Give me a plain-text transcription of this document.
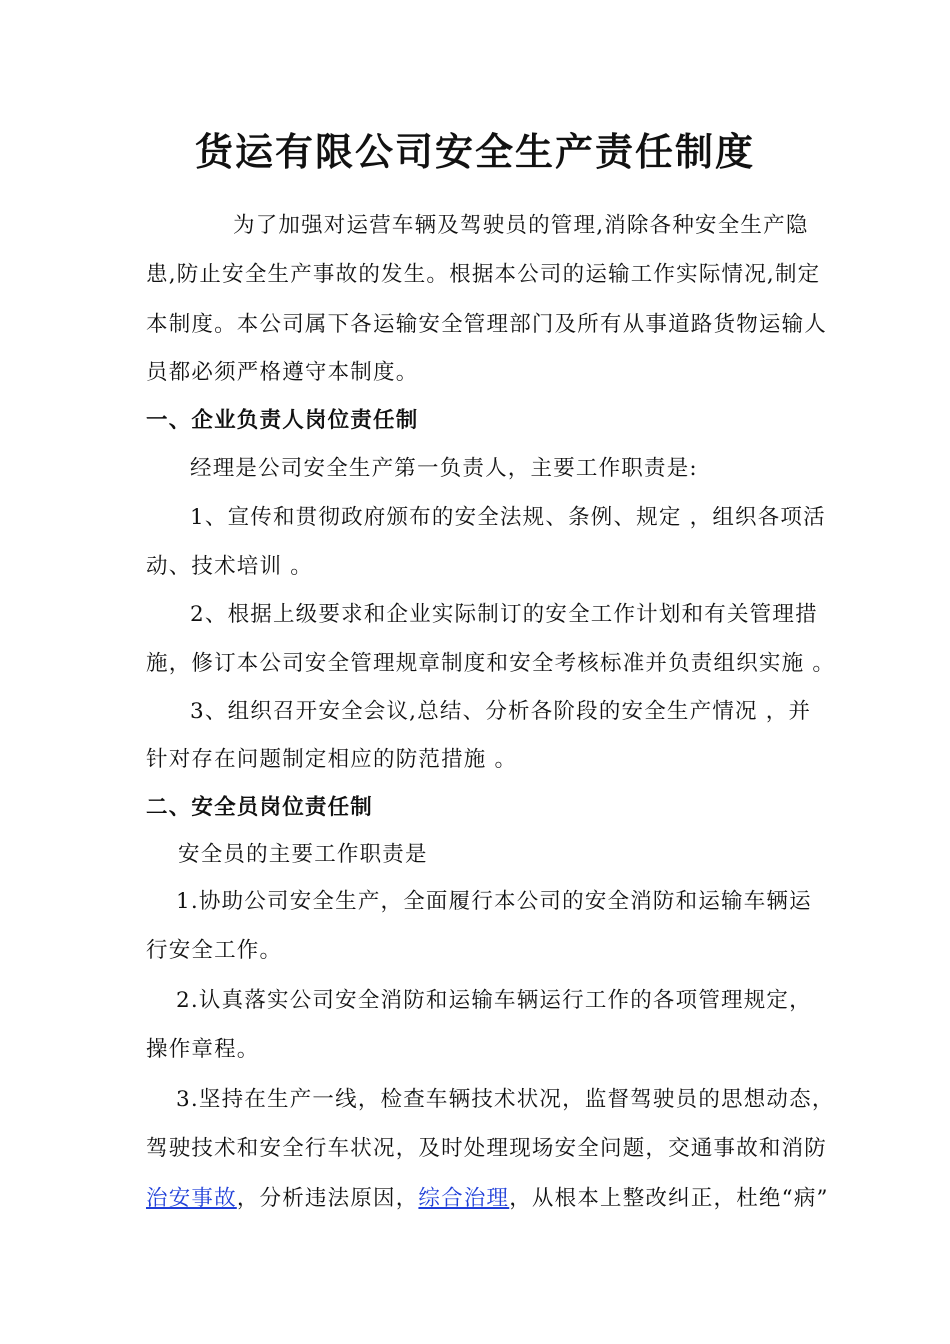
货运有限公司安全生产责任制度

为了加强对运营车辆及驾驶员的管理,消除各种安全生产隐

患,防止安全生产事故的发生。根据本公司的运输工作实际情况,制定

本制度。本公司属下各运输安全管理部门及所有从事道路货物运输人

员都必须严格遵守本制度。

一、企业负责人岗位责任制

经理是公司安全生产第一负责人，主要工作职责是:

1、宣传和贯彻政府颁布的安全法规、条例、规定 ，组织各项活

动、技术培训 。

2、根据上级要求和企业实际制订的安全工作计划和有关管理措

施，修订本公司安全管理规章制度和安全考核标准并负责组织实施 。

3、组织召开安全会议,总结、分析各阶段的安全生产情况 ，并

针对存在问题制定相应的防范措施 。

二、安全员岗位责任制

安全员的主要工作职责是

1.协助公司安全生产，全面履行本公司的安全消防和运输车辆运

行安全工作。

2.认真落实公司安全消防和运输车辆运行工作的各项管理规定，

操作章程。

3.坚持在生产一线，检查车辆技术状况，监督驾驶员的思想动态，

驾驶技术和安全行车状况，及时处理现场安全问题，交通事故和消防

治安事故，分析违法原因，综合治理，从根本上整改纠正，杜绝“病”
